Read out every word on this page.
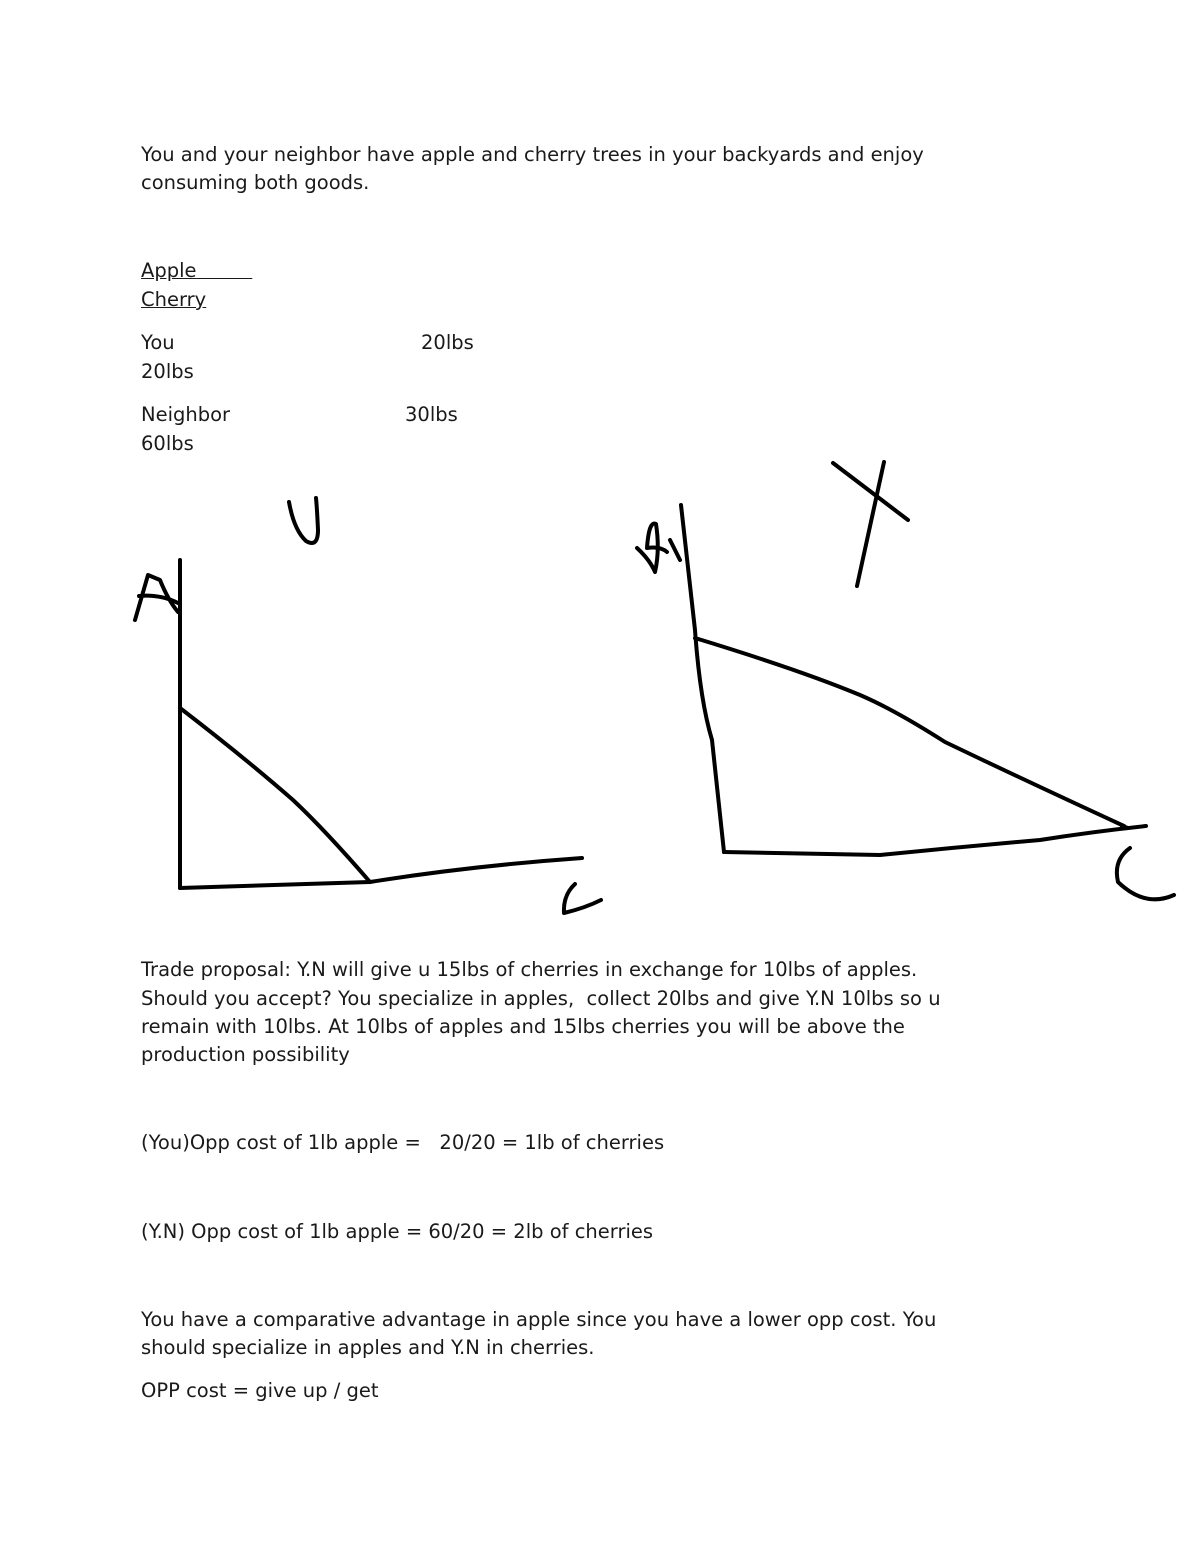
You and your neighbor have apple and cherry trees in your backyards and enjoy
consuming both goods.
Apple
Cherry
You	20lbs
20lbs
Neighbor	30lbs
60lbs
Trade proposal: Y.N will give u 15lbs of cherries in exchange for 10lbs of apples.
Should you accept? You specialize in apples,  collect 20lbs and give Y.N 10lbs so u
remain with 10lbs. At 10lbs of apples and 15lbs cherries you will be above the
production possibility
(You)Opp cost of 1lb apple =   20/20 = 1lb of cherries
(Y.N) Opp cost of 1lb apple = 60/20 = 2lb of cherries
You have a comparative advantage in apple since you have a lower opp cost. You
should specialize in apples and Y.N in cherries.
OPP cost = give up / get
